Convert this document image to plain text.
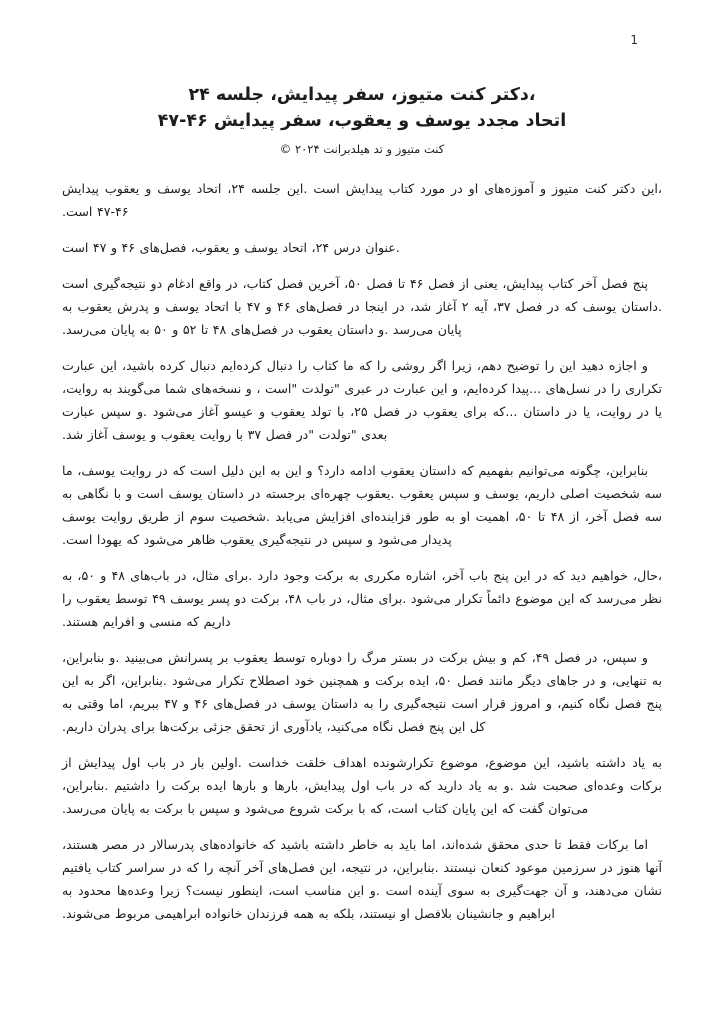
1
،دکتر کنت متیوز، سفر پیدایش، جلسه ۲۴
اتحاد مجدد یوسف و یعقوب، سفر پیدایش ۴۶-۴۷
کنت متیوز و تد هیلدبرانت ۲۰۲۴ ©

،این دکتر کنت متیوز و آموزه‌های او در مورد کتاب پیدایش است .این جلسه ۲۴، اتحاد یوسف و یعقوب پیدایش ۴۶-۴۷ است.

.عنوان درس ۲۴، اتحاد یوسف و یعقوب، فصل‌های ۴۶ و ۴۷ است

پنج فصل آخر کتاب پیدایش، یعنی از فصل ۴۶ تا فصل ۵۰، آخرین فصل کتاب، در واقع ادغام دو نتیجه‌گیری است .داستان یوسف که در فصل ۳۷، آیه ۲ آغاز شد، در اینجا در فصل‌های ۴۶ و ۴۷ با اتحاد یوسف و پدرش یعقوب به پایان می‌رسد .و داستان یعقوب در فصل‌های ۴۸ تا ۵۲ و ۵۰ به پایان می‌رسد.

و اجازه دهید این را توضیح دهم، زیرا اگر روشی را که ما کتاب را دنبال کرده‌ایم دنبال کرده باشید، این عبارت تکراری را در نسل‌های ...پیدا کرده‌ایم، و این عبارت در عبری "تولدت "است ، و نسخه‌های شما می‌گویند به روایت، یا در روایت، یا در داستان ...که برای یعقوب در فصل ۲۵، با تولد یعقوب و عیسو آغاز می‌شود .و سپس عبارت بعدی "تولدت "در فصل ۳۷ با روایت یعقوب و یوسف آغاز شد.

بنابراین، چگونه می‌توانیم بفهمیم که داستان یعقوب ادامه دارد؟ و این به این دلیل است که در روایت یوسف، ما سه شخصیت اصلی داریم، یوسف و سپس یعقوب .یعقوب چهره‌ای برجسته در داستان یوسف است و با نگاهی به سه فصل آخر، از ۴۸ تا ۵۰، اهمیت او به طور فزاینده‌ای افزایش می‌یابد .شخصیت سوم از طریق روایت یوسف پدیدار می‌شود و سپس در نتیجه‌گیری یعقوب ظاهر می‌شود که یهودا است.

،حال، خواهیم دید که در این پنج باب آخر، اشاره مکرری به برکت وجود دارد .برای مثال، در باب‌های ۴۸ و ۵۰، به نظر می‌رسد که این موضوع دائماً تکرار می‌شود .برای مثال، در باب ۴۸، برکت دو پسر یوسف ۴۹ توسط یعقوب را داریم که منسی و افرایم هستند.

و سپس، در فصل ۴۹، کم و بیش برکت در بستر مرگ را دوباره توسط یعقوب بر پسرانش می‌بینید .و بنابراین، به تنهایی، و در جاهای دیگر مانند فصل ۵۰، ایده برکت و همچنین خود اصطلاح تکرار می‌شود .بنابراین، اگر به این پنج فصل نگاه کنیم، و امروز قرار است نتیجه‌گیری را به داستان یوسف در فصل‌های ۴۶ و ۴۷ ببریم، اما وقتی به کل این پنج فصل نگاه می‌کنید، یادآوری از تحقق جزئی برکت‌ها برای پدران داریم.

به یاد داشته باشید، این موضوع، موضوع تکرارشونده اهداف خلقت خداست .اولین بار در باب اول پیدایش از برکات وعده‌ای صحبت شد .و به یاد دارید که در باب اول پیدایش، بارها و بارها ایده برکت را داشتیم .بنابراین، می‌توان گفت که این پایان کتاب است، که با برکت شروع می‌شود و سپس با برکت به پایان می‌رسد.

اما برکات فقط تا حدی محقق شده‌اند، اما باید به خاطر داشته باشید که خانواده‌های پدرسالار در مصر هستند، آنها هنوز در سرزمین موعود کنعان نیستند .بنابراین، در نتیجه، این فصل‌های آخر آنچه را که در سراسر کتاب یافتیم نشان می‌دهند، و آن جهت‌گیری به سوی آینده است .و این مناسب است، اینطور نیست؟ زیرا وعده‌ها محدود به ابراهیم و جانشینان بلافصل او نیستند، بلکه به همه فرزندان خانواده ابراهیمی مربوط می‌شوند.
